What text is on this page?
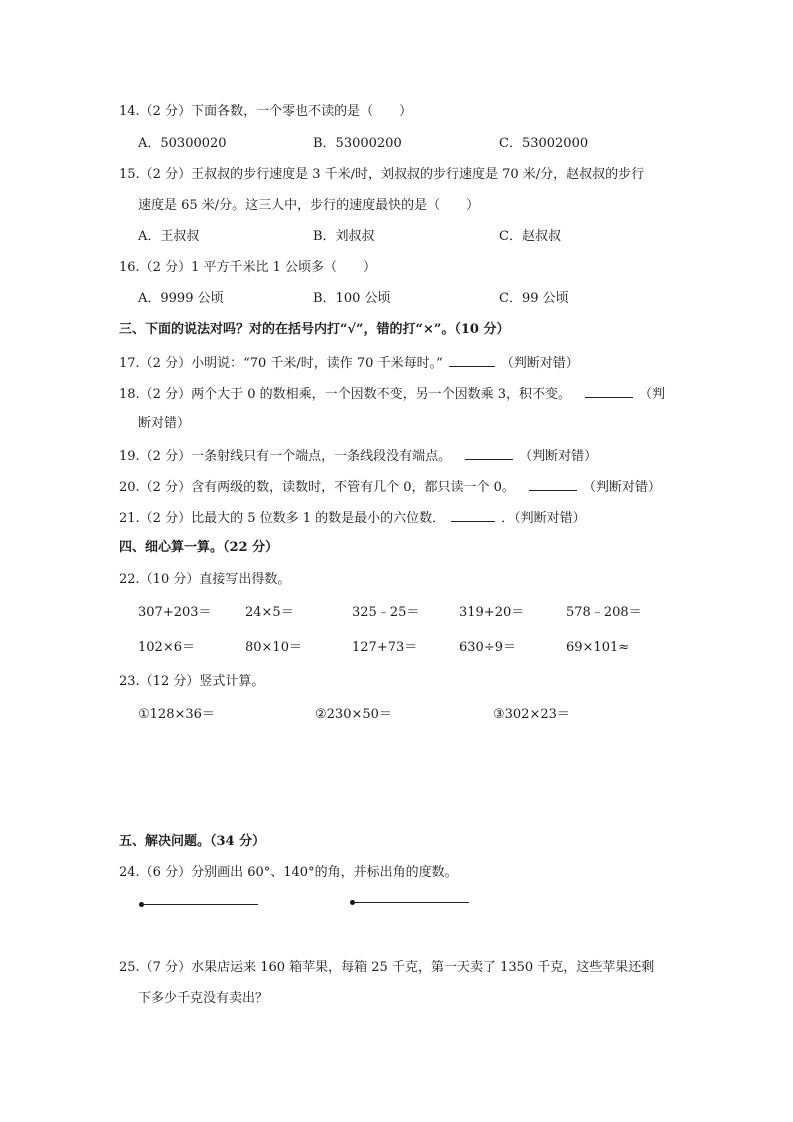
14.（2 分）下面各数，一个零也不读的是（　　）
A．50300020	B．53000200	C．53002000
15.（2 分）王叔叔的步行速度是 3 千米/时，刘叔叔的步行速度是 70 米/分，赵叔叔的步行
速度是 65 米/分。这三人中，步行的速度最快的是（　　）
A．王叔叔	B．刘叔叔	C．赵叔叔
16.（2 分）1 平方千米比 1 公顷多（　　）
A．9999 公顷	B．100 公顷	C．99 公顷
三、下面的说法对吗？对的在括号内打“√”，错的打“×”。（10 分）
17.（2 分）小明说：“70 千米/时，读作 70 千米每时。”	（判断对错）
18.（2 分）两个大于 0 的数相乘，一个因数不变，另一个因数乘 3，积不变。	（判
断对错）
19.（2 分）一条射线只有一个端点，一条线段没有端点。	（判断对错）
20.（2 分）含有两级的数，读数时，不管有几个 0，都只读一个 0。	（判断对错）
21.（2 分）比最大的 5 位数多 1 的数是最小的六位数．	．（判断对错）
四、细心算一算。（22 分）
22.（10 分）直接写出得数。
307+203＝	24×5＝	325﹣25＝	319+20＝	578﹣208＝
102×6＝	80×10＝	127+73＝	630÷9＝	69×101≈
23.（12 分）竖式计算。
①128×36＝	②230×50＝	③302×23＝
五、解决问题。（34 分）
24.（6 分）分别画出 60°、140°的角，并标出角的度数。
25.（7 分）水果店运来 160 箱苹果，每箱 25 千克，第一天卖了 1350 千克，这些苹果还剩
下多少千克没有卖出？
